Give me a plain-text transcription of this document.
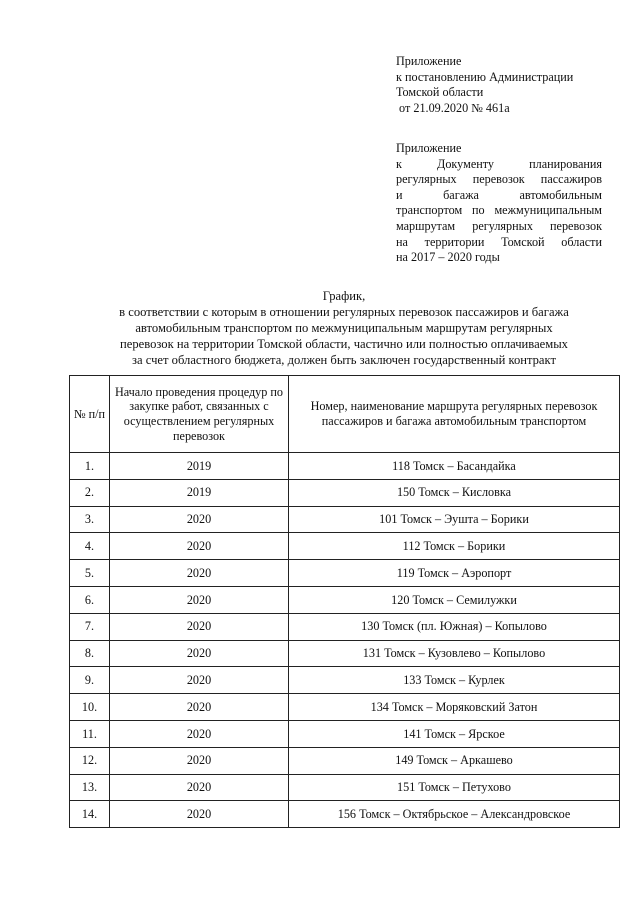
Приложение
к постановлению Администрации
Томской области
от 21.09.2020 № 461а
Приложение
к Документу планирования
регулярных перевозок пассажиров
и багажа автомобильным
транспортом по межмуниципальным
маршрутам регулярных перевозок
на территории Томской области
на 2017 – 2020 годы
График,
в соответствии с которым в отношении регулярных перевозок пассажиров и багажа
автомобильным транспортом по межмуниципальным маршрутам регулярных
перевозок на территории Томской области, частично или полностью оплачиваемых
за счет областного бюджета, должен быть заключен государственный контракт
№ п/п	Начало проведения процедур по закупке работ, связанных с осуществлением регулярных перевозок	Номер, наименование маршрута регулярных перевозок пассажиров и багажа автомобильным транспортом
1.	2019	118 Томск – Басандайка
2.	2019	150 Томск – Кисловка
3.	2020	101 Томск – Эушта – Борики
4.	2020	112 Томск – Борики
5.	2020	119 Томск – Аэропорт
6.	2020	120 Томск – Семилужки
7.	2020	130 Томск (пл. Южная) – Копылово
8.	2020	131 Томск – Кузовлево – Копылово
9.	2020	133 Томск – Курлек
10.	2020	134 Томск – Моряковский Затон
11.	2020	141 Томск – Ярское
12.	2020	149 Томск – Аркашево
13.	2020	151 Томск – Петухово
14.	2020	156 Томск – Октябрьское – Александровское
